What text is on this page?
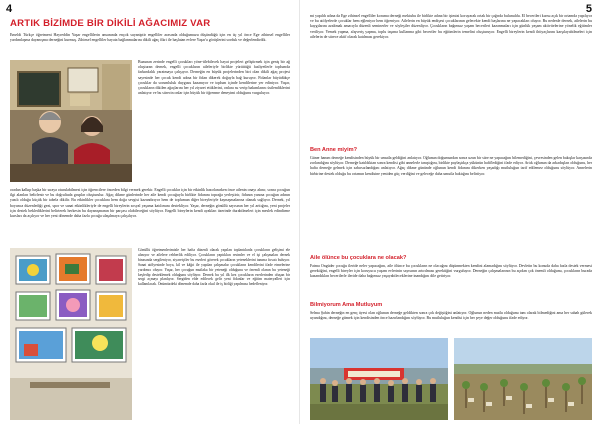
4
ARTIK BİZİMDE BİR DİKİLİ AĞACIMIZ VAR

Emeldi Türkçe öğretmeni Hayreddin Yaşar engellilerin ansanında ençok suyaniptir engelliler arasında olduğumuzu düşündüğü için en üç yıl önce Ege zihinsel engelliler yardımlaşma dayanışma derneğini kurmuş. Zihinsel engelliler hayata bağlanmalarını dikili ağaç fikri ile başlatan evlere Yaşar'a görüşlerini sorduk ve değerlendirdik.

Buzunan zerinde engelli çocukları yöne-tilebilecek hayat projeleri geliştirmek için geniş bir ağ oluşturan dernek, engelli çocukların aileleriyle birlikte yürüttüğü faaliyetlerle toplumda farkındalık yaratmaya çalışıyor. Derneğin en büyük projelerinden biri olan dikili ağaç projesi sayesinde her çocuk kendi adına bir fidan dikerek doğayla bağ kuruyor. Fidanlar büyüdükçe çocuklar da sorumluluk duygusu kazanıyor ve toplum içinde kendilerine yer ediniyor. Yaşar, çocukların dikilen ağaçlarını her yıl ziyaret ettiklerini, onlara su verip bakımlarını üstlendiklerini anlatıyor ve bu sürecin onlar için büyük bir öğrenme deneyimi olduğunu vurguluyor.

oradan kalkıp başka bir sıraya oturulabilmesi için öğrencilere önceden bilgi vermek gerekir. Engelli çocuklar için bir etkinlik hazırlanırken önce ailenin onayı alınır, sonra çocuğun ilgi alanları belirlenir ve bu doğrultuda gruplar oluşturulur. Ağaç dikme günlerinde her aile kendi çocuğuyla birlikte fidanını toprağa yerleştirir, fidanın yanına çocuğun adının yazılı olduğu küçük bir tabela dikilir. Bu etkinlikler çocuklara hem doğa sevgisi kazandırıyor hem de toplumun diğer bireyleriyle kaynaşmalarına olanak sağlıyor. Dernek, yıl boyunca düzenlediği gezi, spor ve sanat etkinlikleriyle de engelli bireylerin sosyal yaşama katılımını destekliyor. Yaşar, derneğin gönüllü sayısının her yıl arttığını, yeni projeler için destek beklediklerini belirterek herkesin bu dayanışmanın bir parçası olabileceğini söylüyor. Engelli bireylerin kendi ayakları üzerinde durabilmeleri için meslek edindirme kursları da açılıyor ve her yeni dönemde daha fazla çocuğa ulaşılmaya çalışılıyor.

Gönüllü öğretmenlerimizle her hafta düzenli olarak yapılan toplantılarda çocukların gelişimi ele alınıyor ve ailelere rehberlik ediliyor. Çocukların yaptıkları resimler ve el işi çalışmaları dernek binasında sergileniyor, ziyaretçiler bu eserleri görerek çocukların yeteneklerini tanıma fırsatı buluyor. Sanat atölyesinde boya, kil ve kâğıt ile yapılan çalışmalar çocukların kendilerini ifade etmelerine yardımcı oluyor. Yaşar, her çocuğun mutlaka bir yeteneği olduğunu ve önemli olanın bu yeteneği keşfedip desteklemek olduğunu söylüyor. Dernek bu yıl ilk kez çocukların eserlerinden oluşan bir sergi açmayı planlıyor. Sergiden elde edilecek gelir yeni fidanlar ve eğitim materyalleri için kullanılacak. Önümüzdeki dönemde daha fazla okul ile iş birliği yapılması hedefleniyor.

5

mi yapıldı adına da Ege zihinsel engelliler koruma derneği mektubu ile birlikte adına bir işimizi koruyarak ortak bir çağrıda bulunuldu. El becerileri kursu açık bir ortamda yapılıyor ve bu atölyelerde çocuklar hem eğleniyor hem öğreniyor. Ailelerin en büyük endişesi çocuklarının gelecekte kendi başlarına ne yapacakları oluyor. Bu nedenle dernek, ailelerin bu kaygılarını azaltmak amacıyla düzenli seminerler ve söyleşiler düzenliyor. Çocukların bağımsız yaşam becerileri kazanmaları için günlük yaşam aktivitelerine yönelik eğitimler veriliyor. Yemek yapma, alışveriş yapma, toplu taşıma kullanma gibi beceriler bu eğitimlerin temelini oluşturuyor. Engelli bireylerin kendi ihtiyaçlarını karşılayabilmeleri için ailelerin de sürece aktif olarak katılması gerekiyor.

Ben Anne miyim?

Güner hanım derneğe kendisinden büyük bir umutla geldiğini anlatıyor. Oğlunun doğumundan sonra uzun bir süre ne yapacağını bilemediğini, çevresinden gelen bakışlar karşısında zorlandığını söylüyor. Derneğe katıldıktan sonra kendisi gibi annelerle tanıştığını, birlikte paylaştıkça yükünün hafiflediğini ifade ediyor. Artık oğlunun da arkadaşları olduğunu, her hafta derneğe gelmek için sabırsızlandığını anlatıyor. Ağaç dikme gününde oğlunun kendi fidanını dikerken yaşadığı mutluluğun tarif edilemez olduğunu söylüyor. Annelerin birbirine destek olduğu bu ortamın kendisine yeniden güç verdiğini ve geleceğe daha umutla baktığını belirtiyor.

Aile ölünce bu çocuklara ne olacak?

Fatma Öngüder çocuğu ileride neler yapacağını, aile ölünce bu çocukların ne olacağını düşünmekten kendini alamadığını söylüyor. Devletin bu konuda daha fazla destek vermesi gerektiğini, engelli bireyler için koruyucu yaşam evlerinin sayısının artırılması gerektiğini vurguluyor. Derneğin çalışmalarının bu açıdan çok önemli olduğunu, çocukların burada kazandıkları becerilerle ileride daha bağımsız yaşayabileceklerine inandığını dile getiriyor.

Bilmiyorum Ama Mutluyum

Selma Şahin derneğin en genç üyesi olan oğlunun derneğe geldikten sonra çok değiştiğini anlatıyor. Oğlunun neden mutlu olduğunu tam olarak bilmediğini ama her sabah gülerek uyandığını, derneğe gitmek için kendisinden önce hazırlandığını söylüyor. Bu mutluluğun kendisi için her şeye değer olduğunu ifade ediyor.
